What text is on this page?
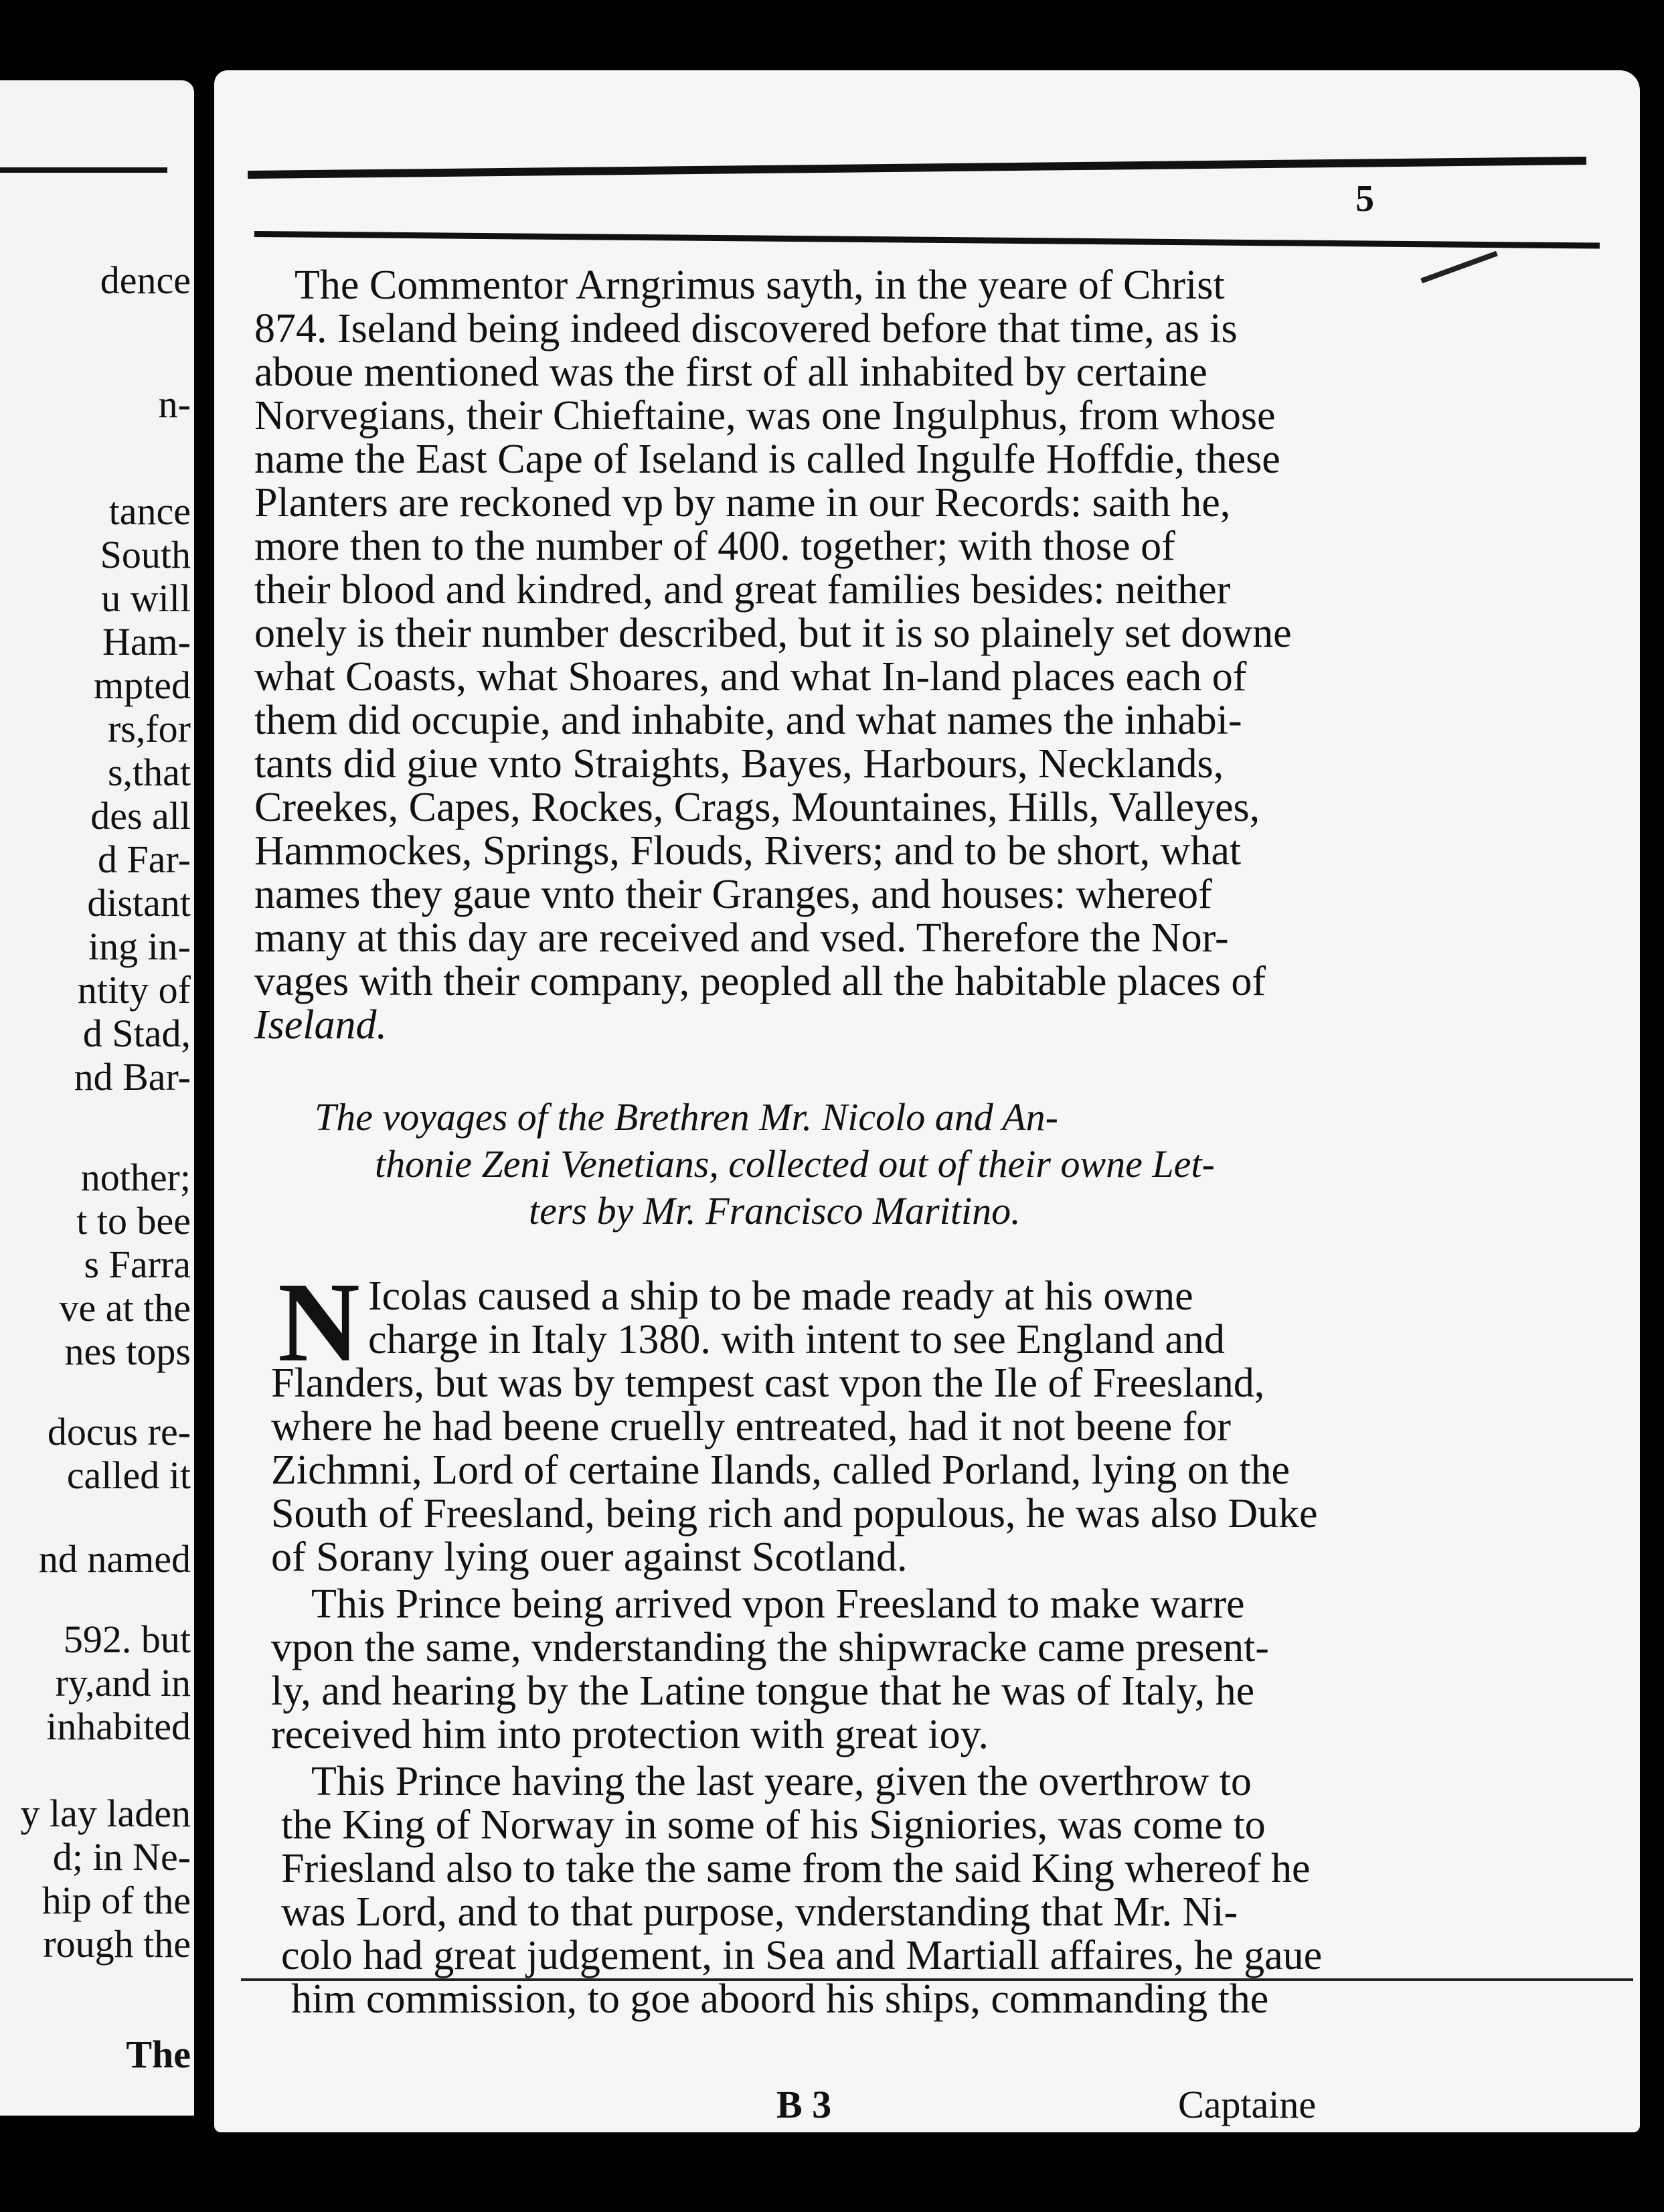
dence
n-
tance
South
u will
Ham-
mpted
rs,for
s,that
des all
d Far-
distant
ing in-
ntity of
d Stad,
nd Bar-
nother;
t to bee
s Farra
ve at the
nes tops
docus re-
called it
nd named
592. but
ry,and in
inhabited
y lay laden
d; in Ne-
hip of the
rough the
The
5
The Commentor Arngrimus sayth, in the yeare of Christ
874. Iseland being indeed discovered before that time, as is
aboue mentioned was the first of all inhabited by certaine
Norvegians, their Chieftaine, was one Ingulphus, from whose
name the East Cape of Iseland is called Ingulfe Hoffdie, these
Planters are reckoned vp by name in our Records: saith he,
more then to the number of 400. together; with those of
their blood and kindred, and great families besides: neither
onely is their number described, but it is so plainely set downe
what Coasts, what Shoares, and what In-land places each of
them did occupie, and inhabite, and what names the inhabi-
tants did giue vnto Straights, Bayes, Harbours, Necklands,
Creekes, Capes, Rockes, Crags, Mountaines, Hills, Valleyes,
Hammockes, Springs, Flouds, Rivers; and to be short, what
names they gaue vnto their Granges, and houses: whereof
many at this day are received and vsed. Therefore the Nor-
vages with their company, peopled all the habitable places of
Iseland.
The voyages of the Brethren Mr. Nicolo and An-
thonie Zeni Venetians, collected out of their owne Let-
ters by Mr. Francisco Maritino.
N Icolas caused a ship to be made ready at his owne
charge in Italy 1380. with intent to see England and
Flanders, but was by tempest cast vpon the Ile of Freesland,
where he had beene cruelly entreated, had it not beene for
Zichmni, Lord of certaine Ilands, called Porland, lying on the
South of Freesland, being rich and populous, he was also Duke
of Sorany lying ouer against Scotland.
This Prince being arrived vpon Freesland to make warre
vpon the same, vnderstanding the shipwracke came present-
ly, and hearing by the Latine tongue that he was of Italy, he
received him into protection with great ioy.
This Prince having the last yeare, given the overthrow to
the King of Norway in some of his Signiories, was come to
Friesland also to take the same from the said King whereof he
was Lord, and to that purpose, vnderstanding that Mr. Ni-
colo had great judgement, in Sea and Martiall affaires, he gaue
him commission, to goe aboord his ships, commanding the
B 3	Captaine
